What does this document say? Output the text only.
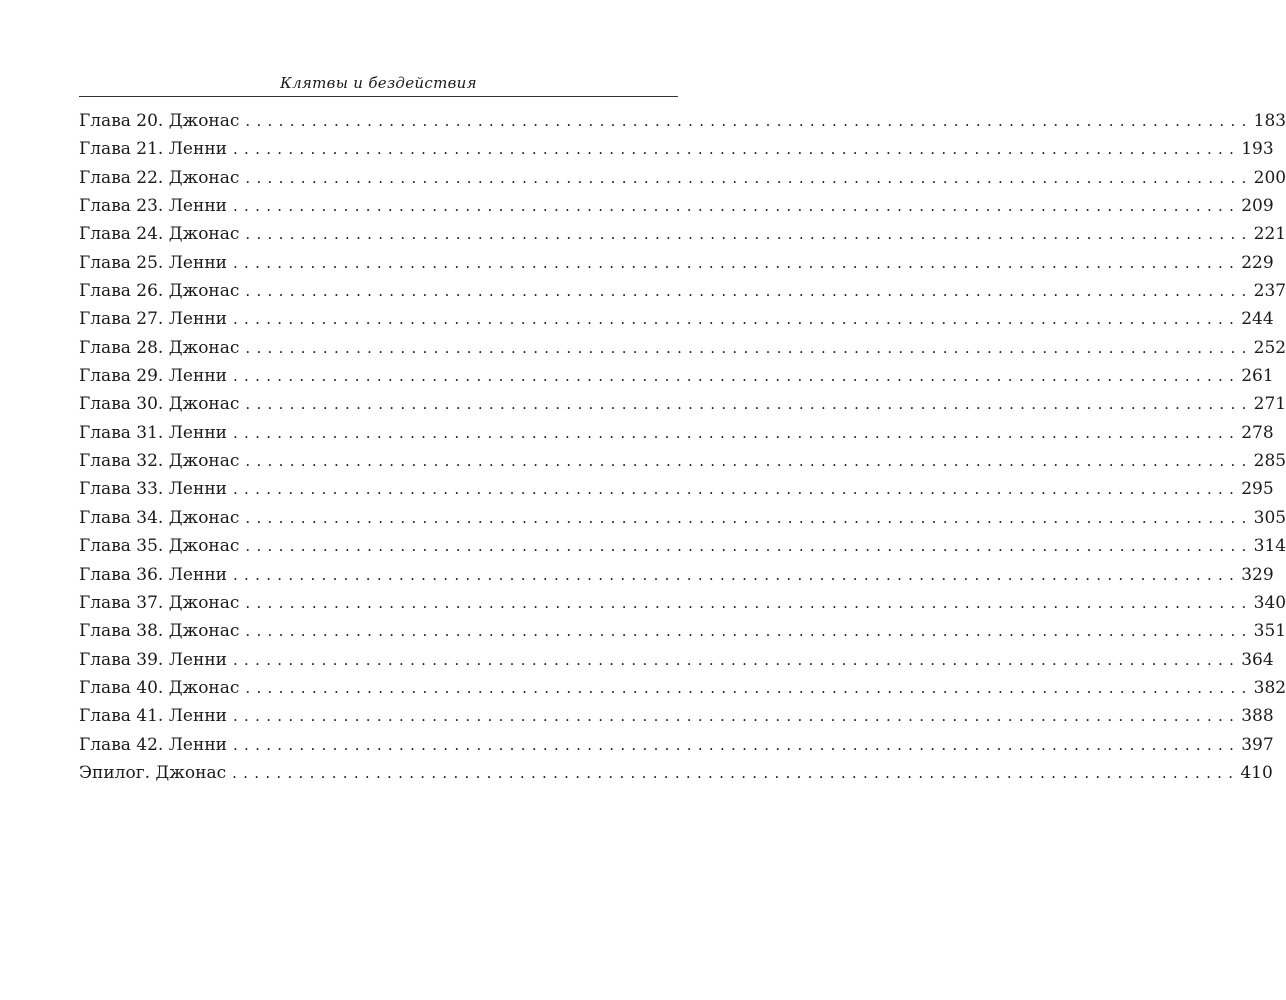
Клятвы и бездействия
Глава 20. Джонас ........................................................................................... 183
Глава 21. Ленни ........................................................................................... 193
Глава 22. Джонас ........................................................................................... 200
Глава 23. Ленни ........................................................................................... 209
Глава 24. Джонас ........................................................................................... 221
Глава 25. Ленни ........................................................................................... 229
Глава 26. Джонас ........................................................................................... 237
Глава 27. Ленни ........................................................................................... 244
Глава 28. Джонас ........................................................................................... 252
Глава 29. Ленни ........................................................................................... 261
Глава 30. Джонас ........................................................................................... 271
Глава 31. Ленни ........................................................................................... 278
Глава 32. Джонас ........................................................................................... 285
Глава 33. Ленни ........................................................................................... 295
Глава 34. Джонас ........................................................................................... 305
Глава 35. Джонас ........................................................................................... 314
Глава 36. Ленни ........................................................................................... 329
Глава 37. Джонас ........................................................................................... 340
Глава 38. Джонас ........................................................................................... 351
Глава 39. Ленни ........................................................................................... 364
Глава 40. Джонас ........................................................................................... 382
Глава 41. Ленни ........................................................................................... 388
Глава 42. Ленни ........................................................................................... 397
Эпилог. Джонас ........................................................................................... 410
